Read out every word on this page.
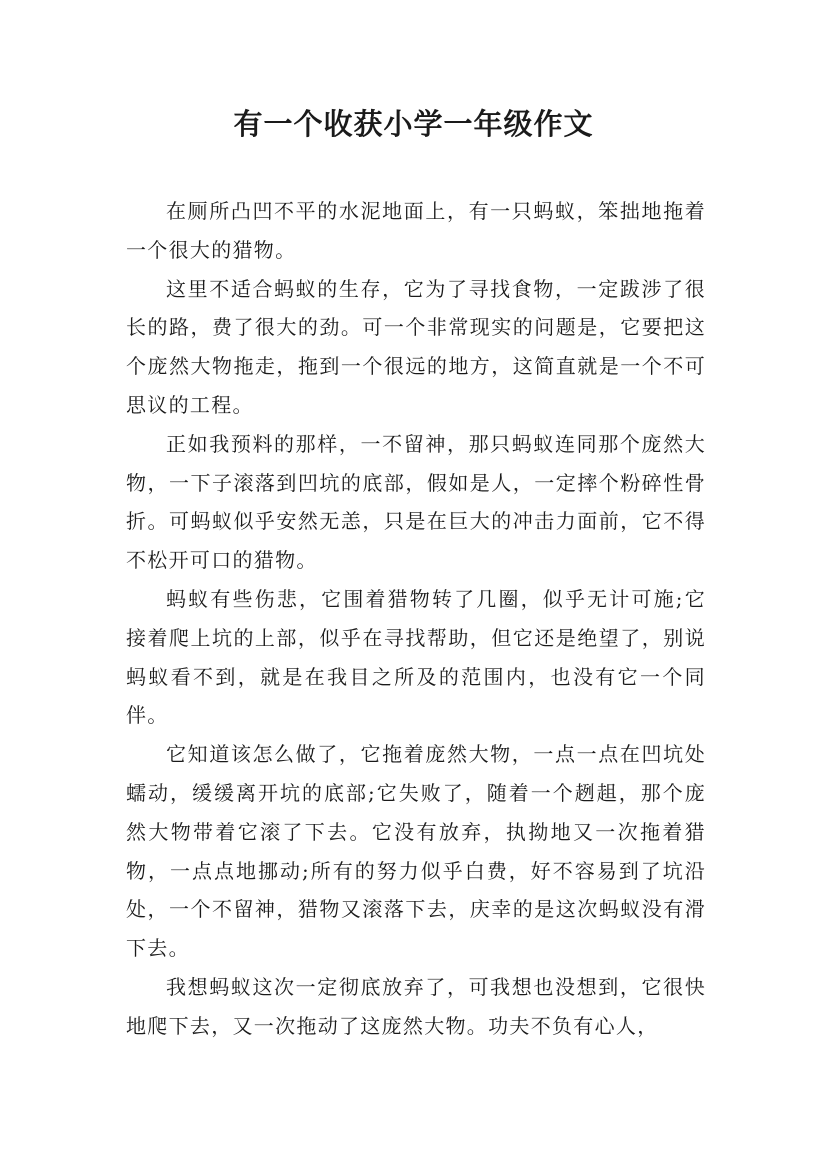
有一个收获小学一年级作文

在厕所凸凹不平的水泥地面上，有一只蚂蚁，笨拙地拖着一个很大的猎物。

这里不适合蚂蚁的生存，它为了寻找食物，一定跋涉了很长的路，费了很大的劲。可一个非常现实的问题是，它要把这个庞然大物拖走，拖到一个很远的地方，这简直就是一个不可思议的工程。

正如我预料的那样，一不留神，那只蚂蚁连同那个庞然大物，一下子滚落到凹坑的底部，假如是人，一定摔个粉碎性骨折。可蚂蚁似乎安然无恙，只是在巨大的冲击力面前，它不得不松开可口的猎物。

蚂蚁有些伤悲，它围着猎物转了几圈，似乎无计可施;它接着爬上坑的上部，似乎在寻找帮助，但它还是绝望了，别说蚂蚁看不到，就是在我目之所及的范围内，也没有它一个同伴。

它知道该怎么做了，它拖着庞然大物，一点一点在凹坑处蠕动，缓缓离开坑的底部;它失败了，随着一个趔趄，那个庞然大物带着它滚了下去。它没有放弃，执拗地又一次拖着猎物，一点点地挪动;所有的努力似乎白费，好不容易到了坑沿处，一个不留神，猎物又滚落下去，庆幸的是这次蚂蚁没有滑下去。

我想蚂蚁这次一定彻底放弃了，可我想也没想到，它很快地爬下去，又一次拖动了这庞然大物。功夫不负有心人，
